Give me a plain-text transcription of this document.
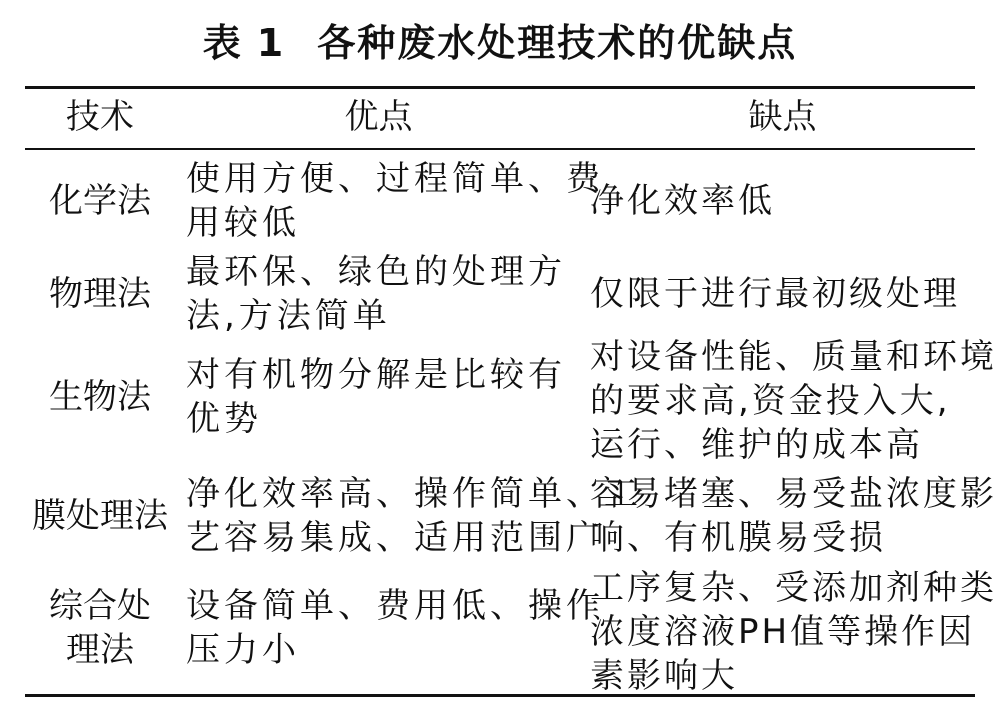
表 1 各种废水处理技术的优缺点
技术	优点	缺点
化学法
使用方便、过程简单、费
用较低
净化效率低
物理法
最环保、绿色的处理方
法,方法简单
仅限于进行最初级处理
生物法
对有机物分解是比较有
优势
对设备性能、质量和环境
的要求高,资金投入大,
运行、维护的成本高
膜处理法
净化效率高、操作简单、工
艺容易集成、适用范围广
容易堵塞、易受盐浓度影
响、有机膜易受损
综合处
理法
设备简单、费用低、操作
压力小
工序复杂、受添加剂种类
浓度溶液PH值等操作因
素影响大
